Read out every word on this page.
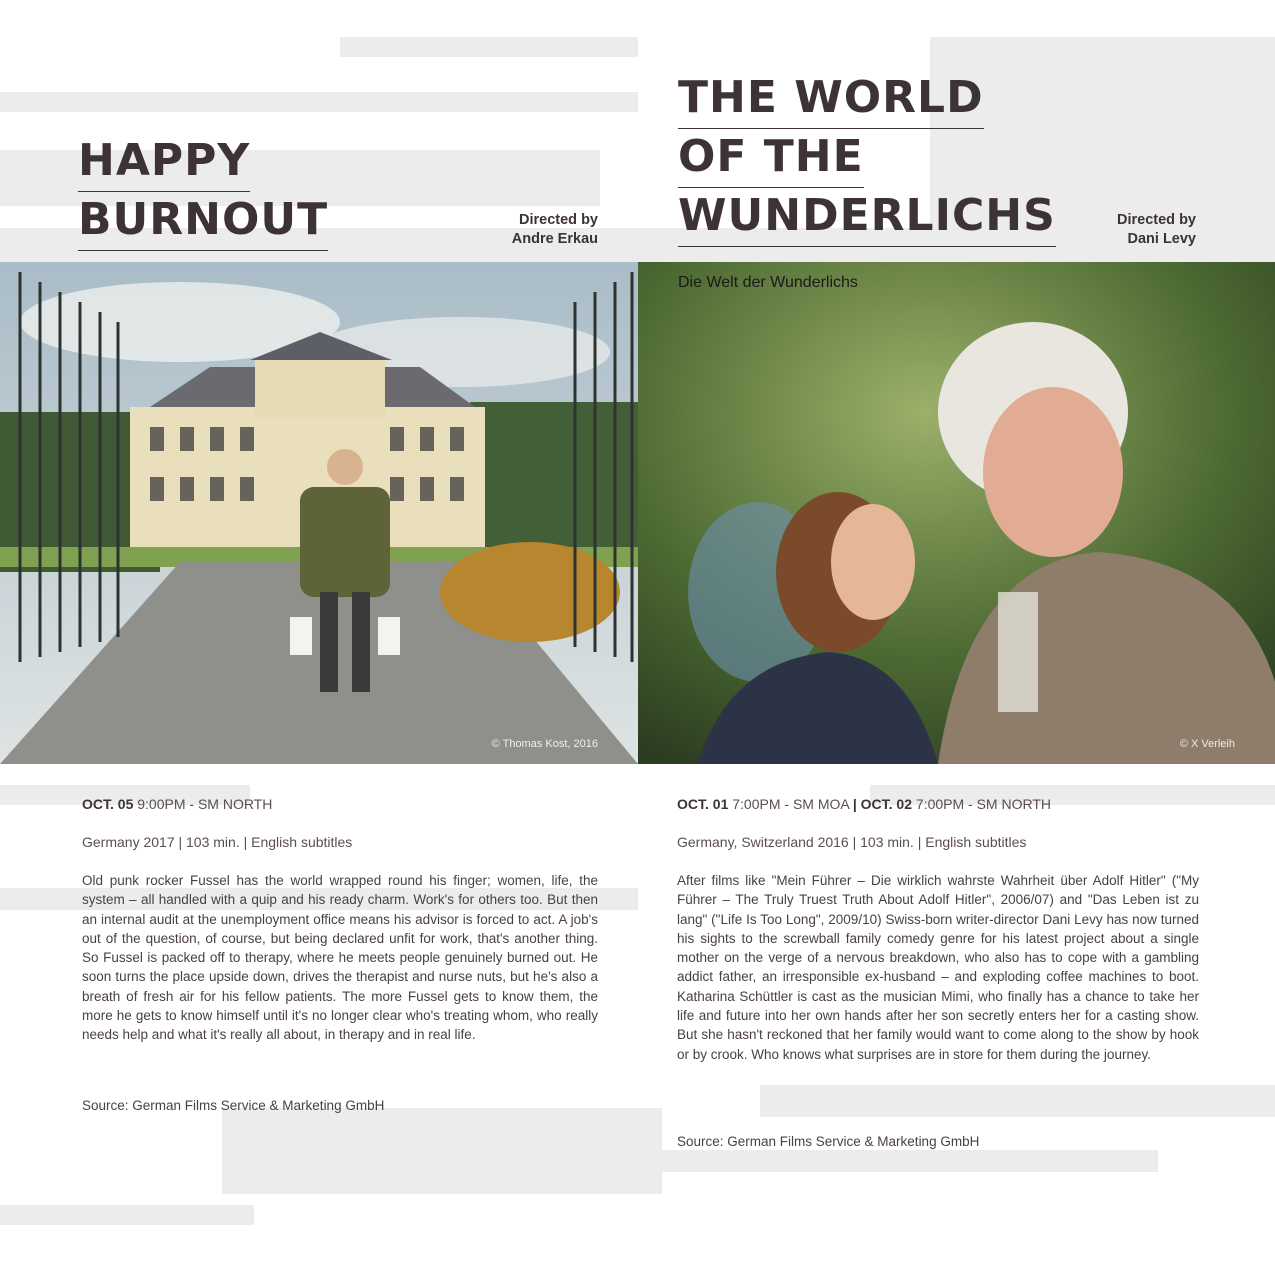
HAPPY
BURNOUT	Directed by
Andre Erkau
© Thomas Kost, 2016
OCT. 05 9:00PM - SM NORTH
Germany 2017 | 103 min. | English subtitles

Old punk rocker Fussel has the world wrapped round his finger; women, life, the system – all handled with a quip and his ready charm. Work's for others too. But then an internal audit at the unemployment office means his advisor is forced to act. A job's out of the question, of course, but being declared unfit for work, that's another thing. So Fussel is packed off to therapy, where he meets people genuinely burned out. He soon turns the place upside down, drives the therapist and nurse nuts, but he's also a breath of fresh air for his fellow patients. The more Fussel gets to know them, the more he gets to know himself until it's no longer clear who's treating whom, who really needs help and what it's really all about, in therapy and in real life.

Source: German Films Service & Marketing GmbH
THE WORLD
OF THE
WUNDERLICHS	Directed by
Dani Levy
Die Welt der Wunderlichs
© X Verleih
OCT. 01 7:00PM - SM MOA | OCT. 02 7:00PM - SM NORTH
Germany, Switzerland 2016 | 103 min. | English subtitles

After films like "Mein Führer – Die wirklich wahrste Wahrheit über Adolf Hitler" ("My Führer – The Truly Truest Truth About Adolf Hitler", 2006/07) and "Das Leben ist zu lang" ("Life Is Too Long", 2009/10) Swiss-born writer-director Dani Levy has now turned his sights to the screwball family comedy genre for his latest project about a single mother on the verge of a nervous breakdown, who also has to cope with a gambling addict father, an irresponsible ex-husband – and exploding coffee machines to boot. Katharina Schüttler is cast as the musician Mimi, who finally has a chance to take her life and future into her own hands after her son secretly enters her for a casting show. But she hasn't reckoned that her family would want to come along to the show by hook or by crook. Who knows what surprises are in store for them during the journey.

Source: German Films Service & Marketing GmbH
